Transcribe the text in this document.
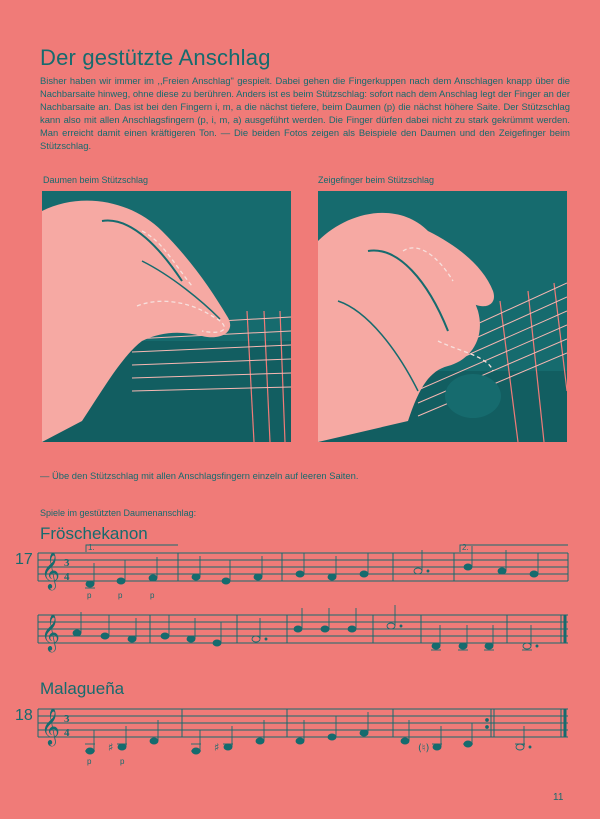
Der gestützte Anschlag
Bisher haben wir immer im ,,Freien Anschlag" gespielt. Dabei gehen die Fingerkuppen nach dem Anschlagen knapp über die Nachbarsaite hinweg, ohne diese zu berühren. Anders ist es beim Stützschlag: sofort nach dem Anschlag legt der Finger an der Nachbarsaite an. Das ist bei den Fingern i, m, a die nächst tiefere, beim Daumen (p) die nächst höhere Saite. Der Stützschlag kann also mit allen Anschlagsfingern (p, i, m, a) ausgeführt werden. Die Finger dürfen dabei nicht zu stark gekrümmt werden. Man erreicht damit einen kräftigeren Ton. — Die beiden Fotos zeigen als Beispiele den Daumen und den Zeigefinger beim Stützschlag.
Daumen beim Stützschlag	Zeigefinger beim Stützschlag
— Übe den Stützschlag mit allen Anschlagsfingern einzeln auf leeren Saiten.
Spiele im gestützten Daumenanschlag:
Fröschekanon
17
Malagueña
18
11
1.	2.
𝄞
𝄞
𝄞
3
4
3
4
p	p	p
♯	♯	(♮)
p	p
